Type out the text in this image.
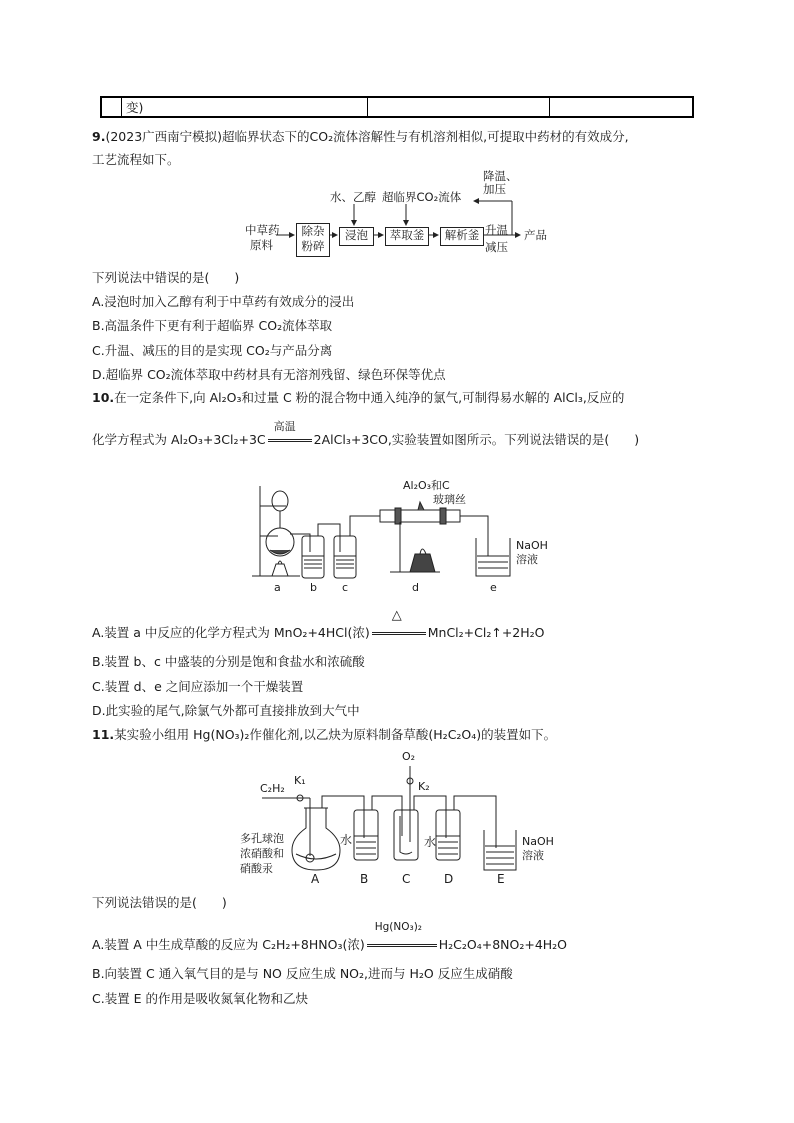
变)
9.(2023广西南宁模拟)超临界状态下的CO₂流体溶解性与有机溶剂相似,可提取中药材的有效成分,
工艺流程如下。
中草药
原料
除杂
粉碎
浸泡	萃取釜	解析釜
水、乙醇 超临界CO₂流体
降温、
加压
升温
减压
产品
下列说法中错误的是(　　)
A.浸泡时加入乙醇有利于中草药有效成分的浸出
B.高温条件下更有利于超临界 CO₂流体萃取
C.升温、减压的目的是实现 CO₂与产品分离
D.超临界 CO₂流体萃取中药材具有无溶剂残留、绿色环保等优点
10.在一定条件下,向 Al₂O₃和过量 C 粉的混合物中通入纯净的氯气,可制得易水解的 AlCl₃,反应的
化学方程式为 Al₂O₃+3Cl₂+3C
高温
2AlCl₃+3CO,实验装置如图所示。下列说法错误的是(　　)
Al₂O₃和C
玻璃丝
NaOH
溶液
a	b c	d	e
A.装置 a 中反应的化学方程式为 MnO₂+4HCl(浓)
△
MnCl₂+Cl₂↑+2H₂O
B.装置 b、c 中盛装的分别是饱和食盐水和浓硫酸
C.装置 d、e 之间应添加一个干燥装置
D.此实验的尾气,除氯气外都可直接排放到大气中
11.某实验小组用 Hg(NO₃)₂作催化剂,以乙炔为原料制备草酸(H₂C₂O₄)的装置如下。
C₂H₂
K₁
O₂
K₂
多孔球泡
浓硝酸和
硝酸汞
水	水	NaOH
溶液
A	B	C	D	E
下列说法错误的是(　　)
A.装置 A 中生成草酸的反应为 C₂H₂+8HNO₃(浓)
Hg(NO₃)₂
H₂C₂O₄+8NO₂+4H₂O
B.向装置 C 通入氧气目的是与 NO 反应生成 NO₂,进而与 H₂O 反应生成硝酸
C.装置 E 的作用是吸收氮氧化物和乙炔
